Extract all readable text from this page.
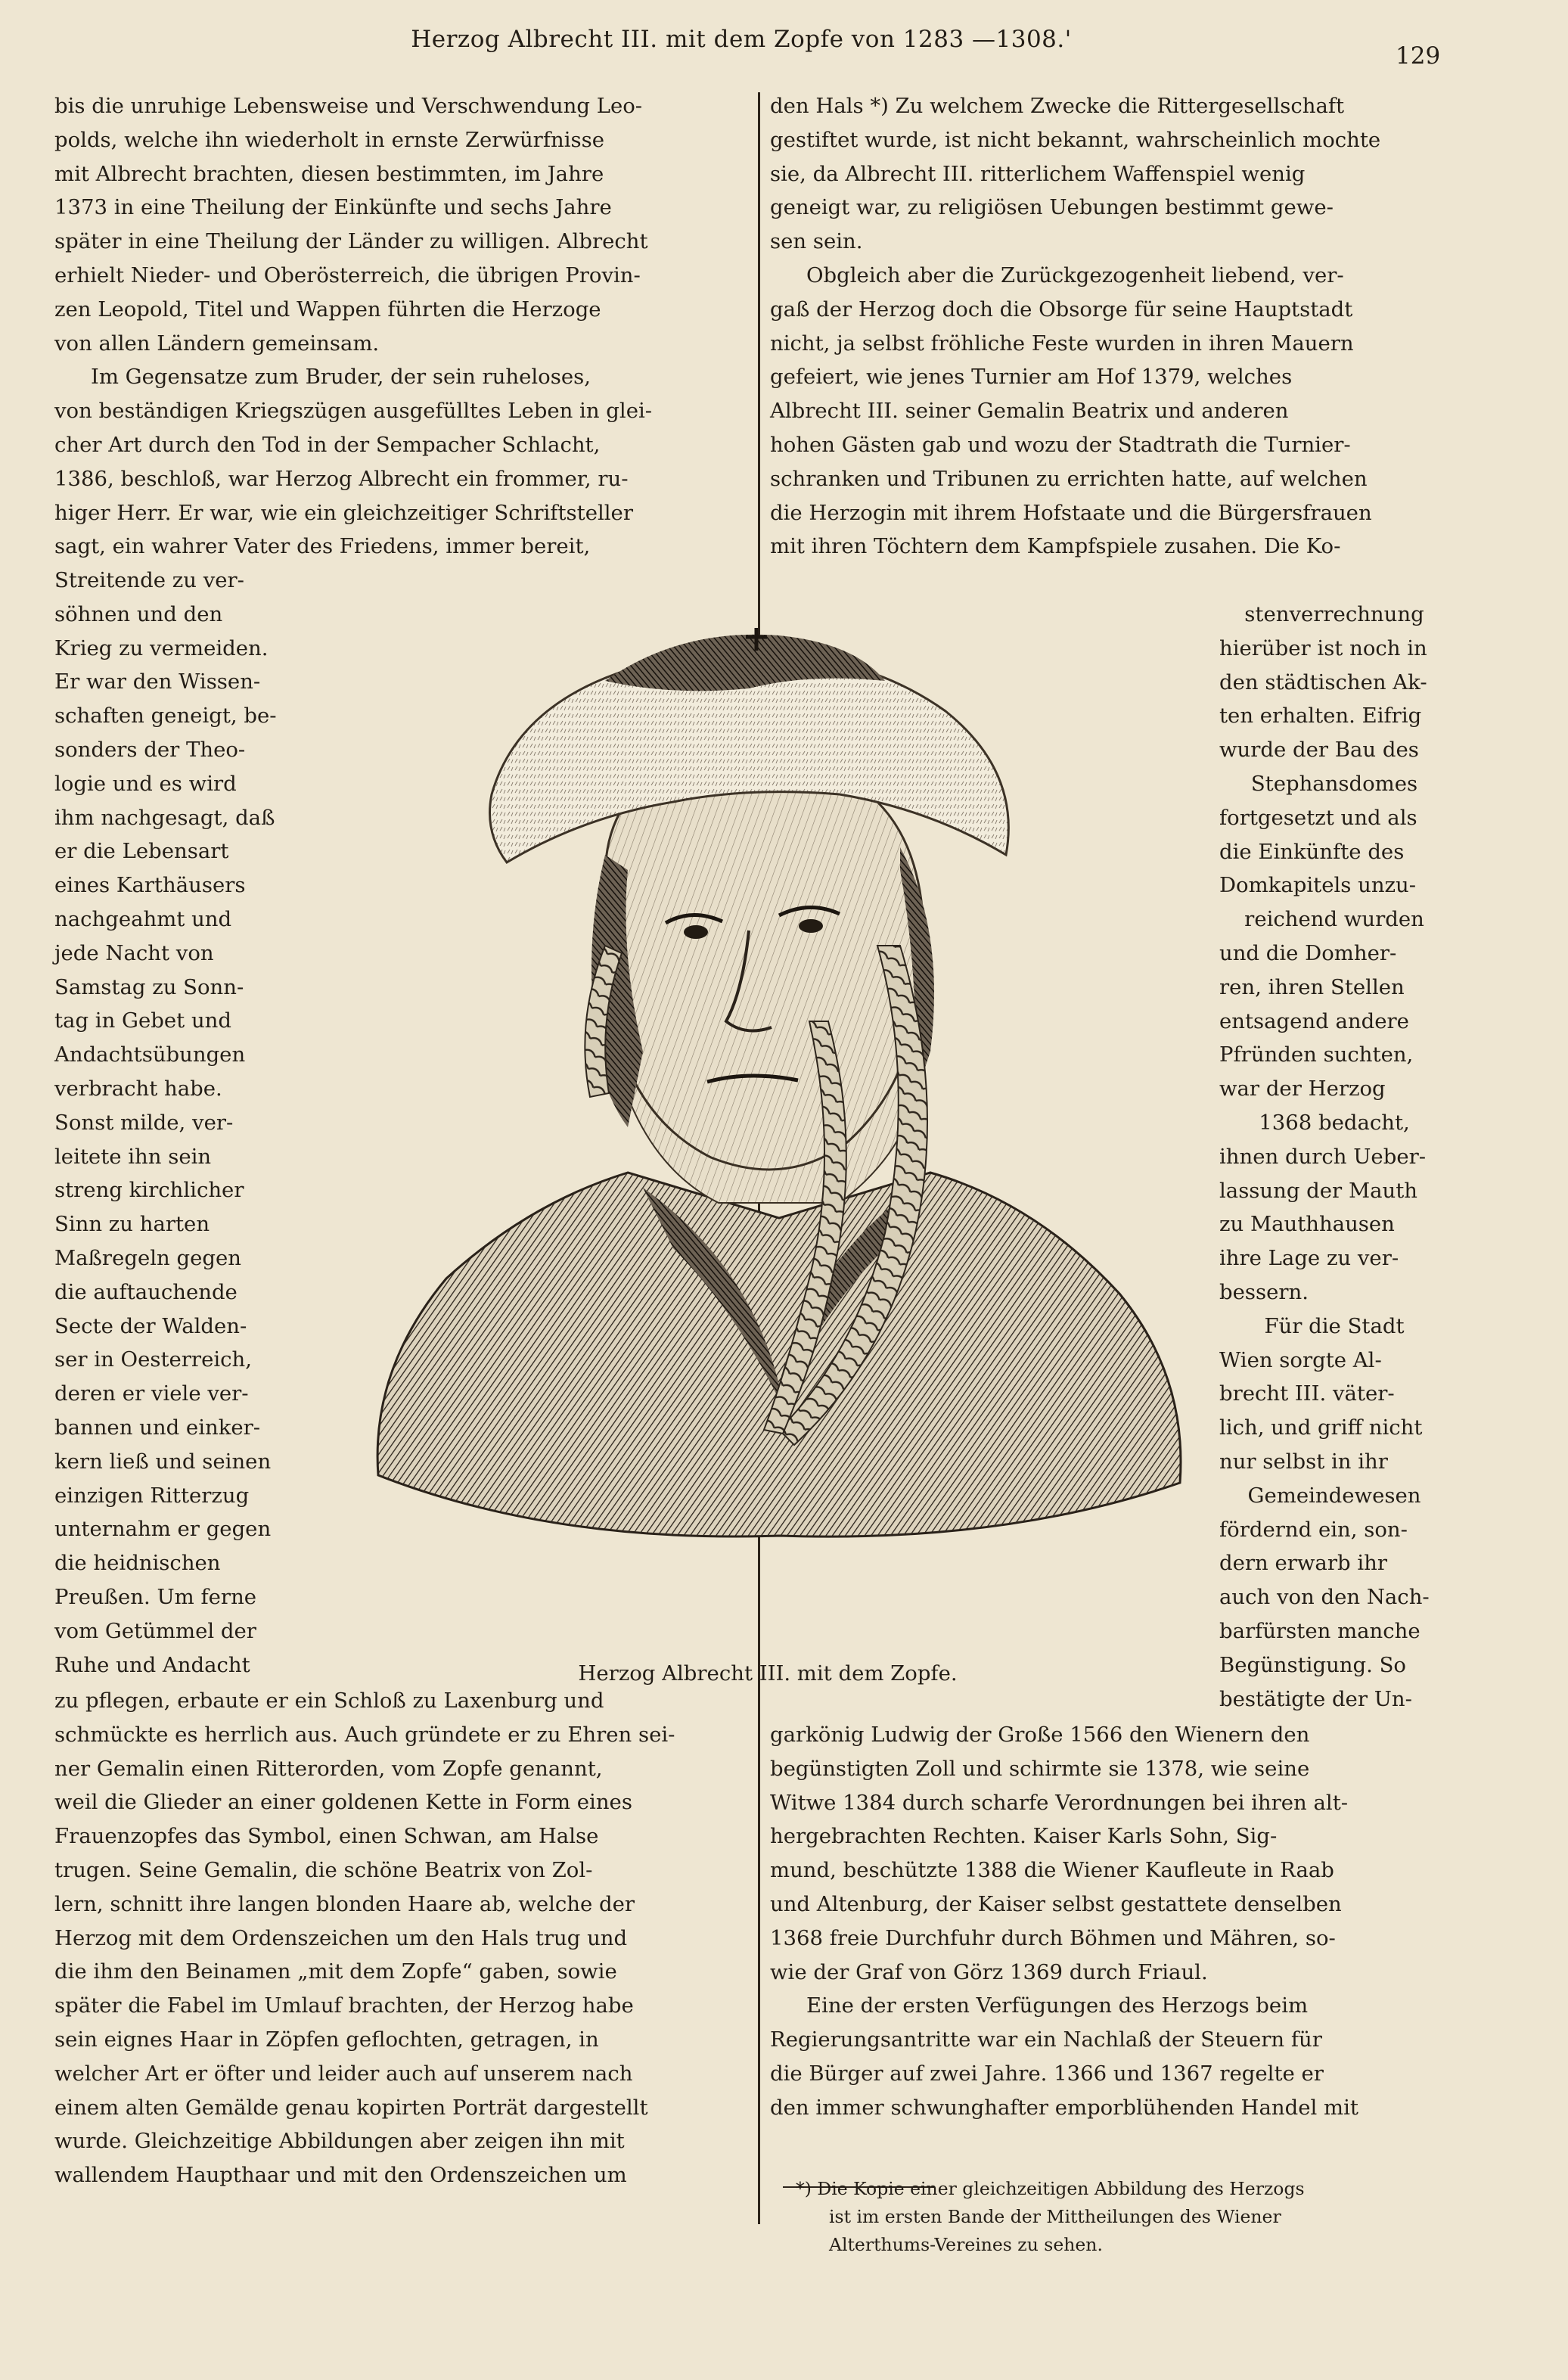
Herzog Albrecht III. mit dem Zopfe von 1283 —1308.'
129

bis die unruhige Lebensweise und Verschwendung Leo-

polds, welche ihn wiederholt in ernste Zerwürfnisse

mit Albrecht brachten, diesen bestimmten, im Jahre

1373 in eine Theilung der Einkünfte und sechs Jahre

später in eine Theilung der Länder zu willigen. Albrecht

erhielt Nieder- und Oberösterreich, die übrigen Provin-

zen Leopold, Titel und Wappen führten die Herzoge

von allen Ländern gemeinsam.

Im Gegensatze zum Bruder, der sein ruheloses,

von beständigen Kriegszügen ausgefülltes Leben in glei-

cher Art durch den Tod in der Sempacher Schlacht,

1386, beschloß, war Herzog Albrecht ein frommer, ru-

higer Herr. Er war, wie ein gleichzeitiger Schriftsteller

sagt, ein wahrer Vater des Friedens, immer bereit,

Streitende zu ver-

söhnen und den

Krieg zu vermeiden.

Er war den Wissen-

schaften geneigt, be-

sonders der Theo-

logie und es wird

ihm nachgesagt, daß

er die Lebensart

eines Karthäusers

nachgeahmt und

jede Nacht von

Samstag zu Sonn-

tag in Gebet und

Andachtsübungen

verbracht habe.

Sonst milde, ver-

leitete ihn sein

streng kirchlicher

Sinn zu harten

Maßregeln gegen

die auftauchende

Secte der Walden-

ser in Oesterreich,

deren er viele ver-

bannen und einker-

kern ließ und seinen

einzigen Ritterzug

unternahm er gegen

die heidnischen

Preußen. Um ferne

vom Getümmel der

Ruhe und Andacht

zu pflegen, erbaute er ein Schloß zu Laxenburg und

schmückte es herrlich aus. Auch gründete er zu Ehren sei-

ner Gemalin einen Ritterorden, vom Zopfe genannt,

weil die Glieder an einer goldenen Kette in Form eines

Frauenzopfes das Symbol, einen Schwan, am Halse

trugen. Seine Gemalin, die schöne Beatrix von Zol-

lern, schnitt ihre langen blonden Haare ab, welche der

Herzog mit dem Ordenszeichen um den Hals trug und

die ihm den Beinamen „mit dem Zopfe“ gaben, sowie

später die Fabel im Umlauf brachten, der Herzog habe

sein eignes Haar in Zöpfen geflochten, getragen, in

welcher Art er öfter und leider auch auf unserem nach

einem alten Gemälde genau kopirten Porträt dargestellt

wurde. Gleichzeitige Abbildungen aber zeigen ihn mit

wallendem Haupthaar und mit den Ordenszeichen um

den Hals *) Zu welchem Zwecke die Rittergesellschaft

gestiftet wurde, ist nicht bekannt, wahrscheinlich mochte

sie, da Albrecht III. ritterlichem Waffenspiel wenig

geneigt war, zu religiösen Uebungen bestimmt gewe-

sen sein.

Obgleich aber die Zurückgezogenheit liebend, ver-

gaß der Herzog doch die Obsorge für seine Hauptstadt

nicht, ja selbst fröhliche Feste wurden in ihren Mauern

gefeiert, wie jenes Turnier am Hof 1379, welches

Albrecht III. seiner Gemalin Beatrix und anderen

hohen Gästen gab und wozu der Stadtrath die Turnier-

schranken und Tribunen zu errichten hatte, auf welchen

die Herzogin mit ihrem Hofstaate und die Bürgersfrauen

mit ihren Töchtern dem Kampfspiele zusahen. Die Ko-

stenverrechnung

hierüber ist noch in

den städtischen Ak-

ten erhalten. Eifrig

wurde der Bau des

Stephansdomes

fortgesetzt und als

die Einkünfte des

Domkapitels unzu-

reichend wurden

und die Domher-

ren, ihren Stellen

entsagend andere

Pfründen suchten,

war der Herzog

1368 bedacht,

ihnen durch Ueber-

lassung der Mauth

zu Mauthhausen

ihre Lage zu ver-

bessern.

Für die Stadt

Wien sorgte Al-

brecht III. väter-

lich, und griff nicht

nur selbst in ihr

Gemeindewesen

fördernd ein, son-

dern erwarb ihr

auch von den Nach-

barfürsten manche

Begünstigung. So

bestätigte der Un-

garkönig Ludwig der Große 1566 den Wienern den

begünstigten Zoll und schirmte sie 1378, wie seine

Witwe 1384 durch scharfe Verordnungen bei ihren alt-

hergebrachten Rechten. Kaiser Karls Sohn, Sig-

mund, beschützte 1388 die Wiener Kaufleute in Raab

und Altenburg, der Kaiser selbst gestattete denselben

1368 freie Durchfuhr durch Böhmen und Mähren, so-

wie der Graf von Görz 1369 durch Friaul.

Eine der ersten Verfügungen des Herzogs beim

Regierungsantritte war ein Nachlaß der Steuern für

die Bürger auf zwei Jahre. 1366 und 1367 regelte er

den immer schwunghafter emporblühenden Handel mit

*) Die Kopie einer gleichzeitigen Abbildung des Herzogs

ist im ersten Bande der Mittheilungen des Wiener

Alterthums-Vereines zu sehen.

Herzog Albrecht III. mit dem Zopfe.
